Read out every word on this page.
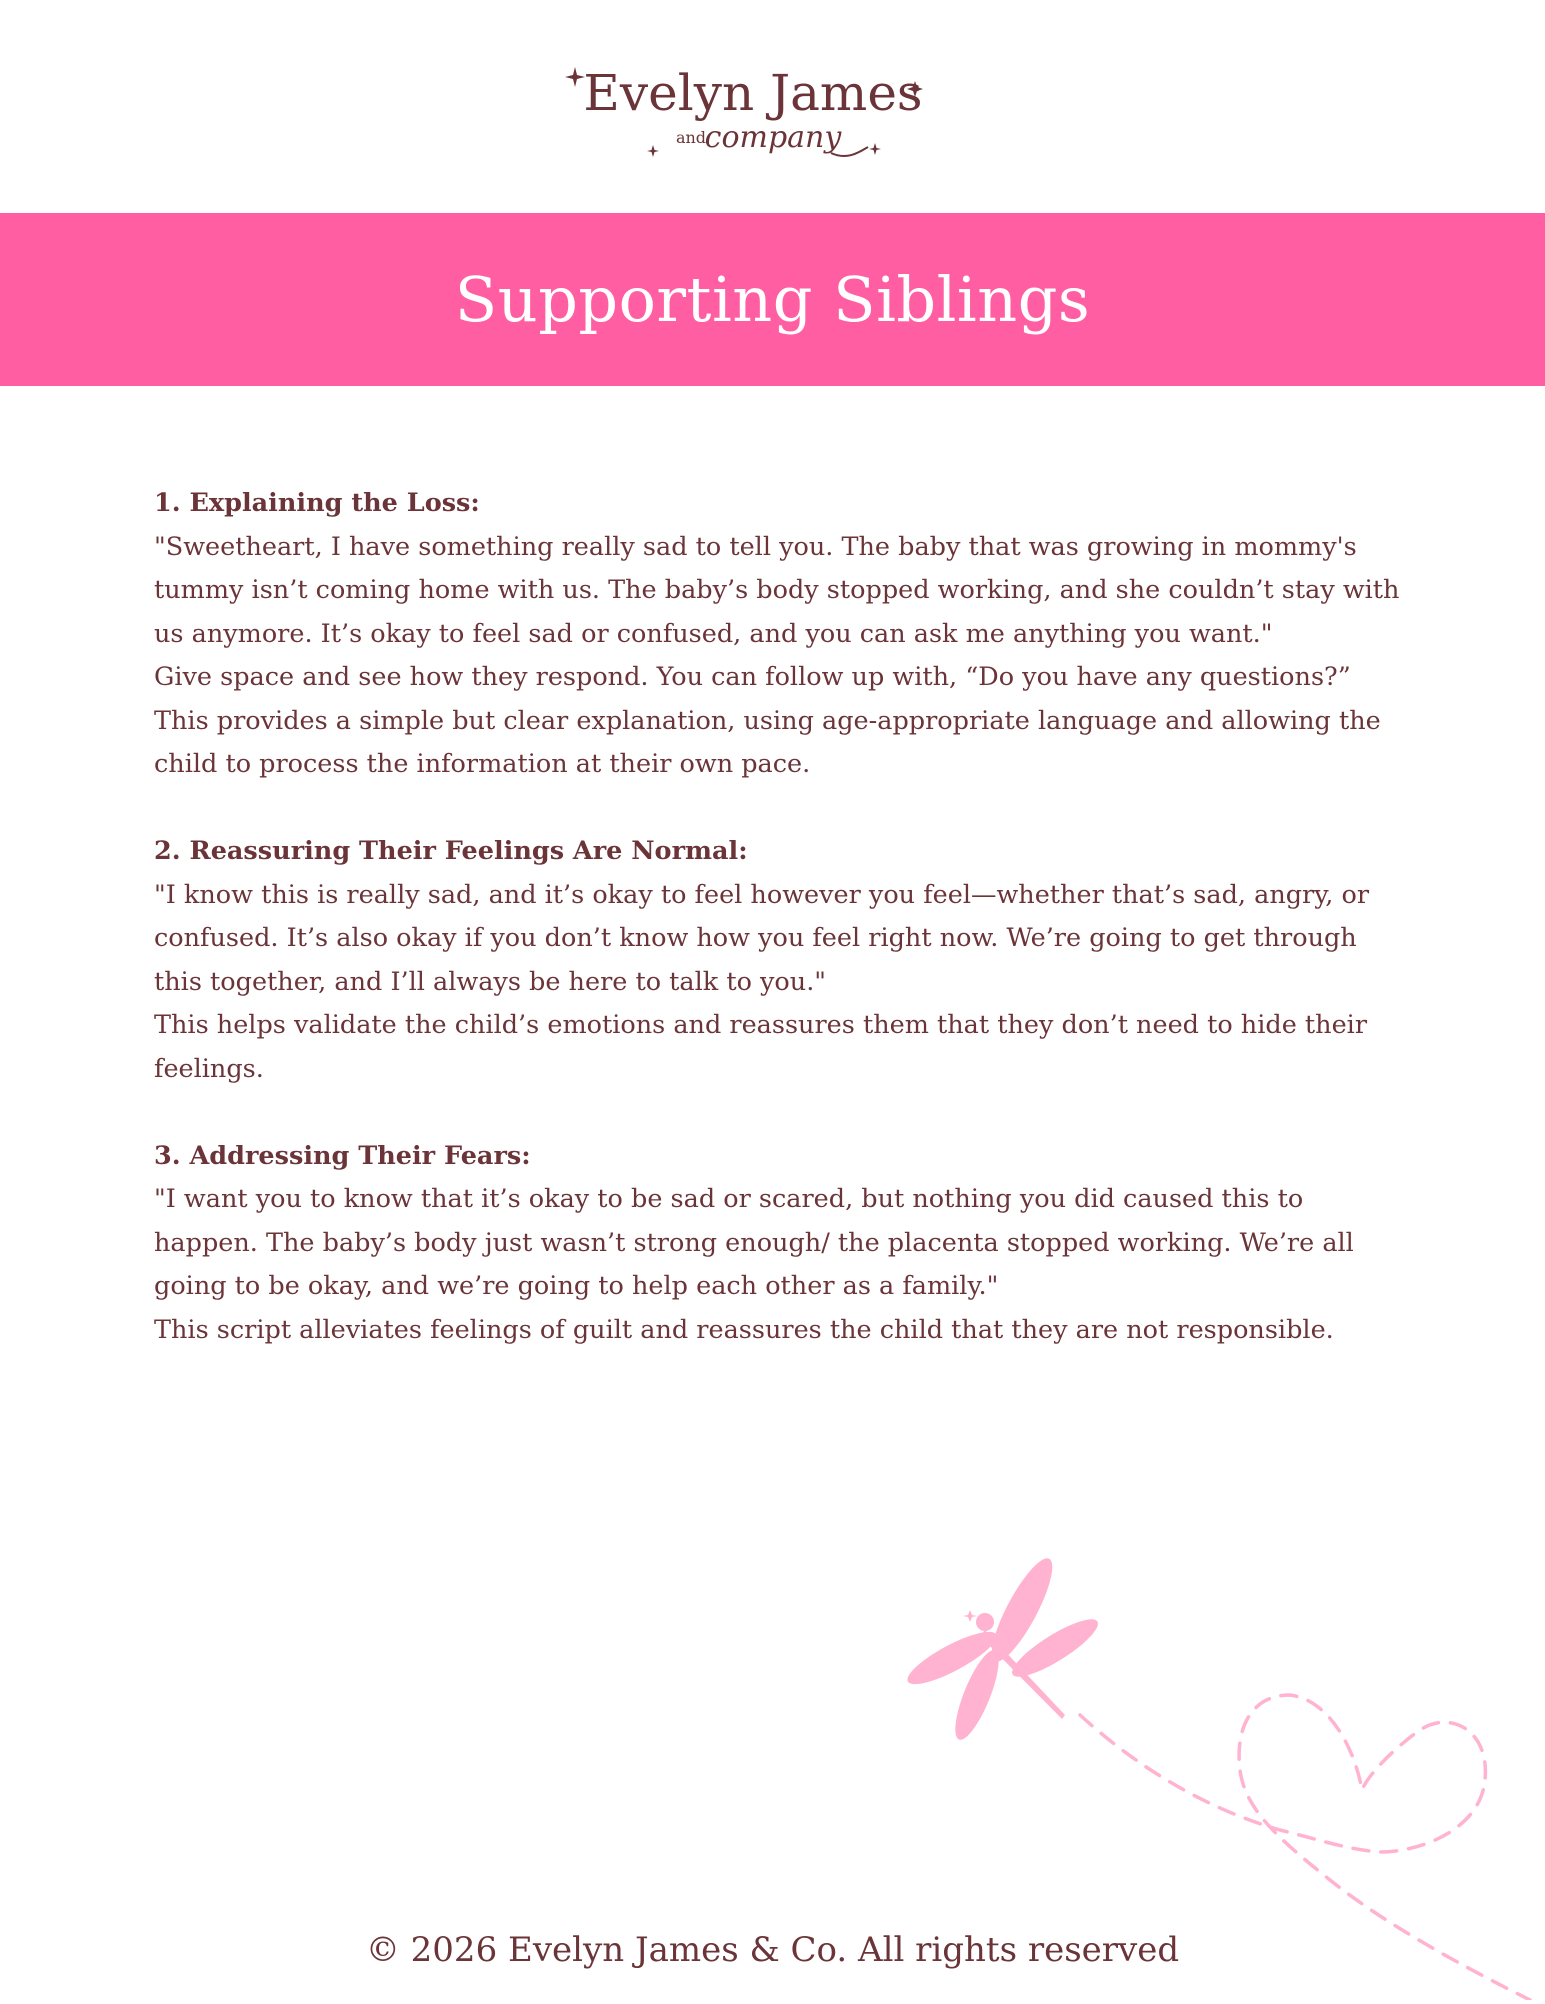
Evelyn James
and
company
Supporting Siblings
1. Explaining the Loss:
"Sweetheart, I have something really sad to tell you. The baby that was growing in mommy's tummy isn’t coming home with us. The baby’s body stopped working, and she couldn’t stay with us anymore. It’s okay to feel sad or confused, and you can ask me anything you want."
Give space and see how they respond. You can follow up with, “Do you have any questions?”
This provides a simple but clear explanation, using age-appropriate language and allowing the child to process the information at their own pace.
2. Reassuring Their Feelings Are Normal:
"I know this is really sad, and it’s okay to feel however you feel—whether that’s sad, angry, or confused. It’s also okay if you don’t know how you feel right now. We’re going to get through this together, and I’ll always be here to talk to you."
This helps validate the child’s emotions and reassures them that they don’t need to hide their feelings.
3. Addressing Their Fears:
"I want you to know that it’s okay to be sad or scared, but nothing you did caused this to happen. The baby’s body just wasn’t strong enough/ the placenta stopped working. We’re all going to be okay, and we’re going to help each other as a family."
This script alleviates feelings of guilt and reassures the child that they are not responsible.
© 2026 Evelyn James & Co. All rights reserved
